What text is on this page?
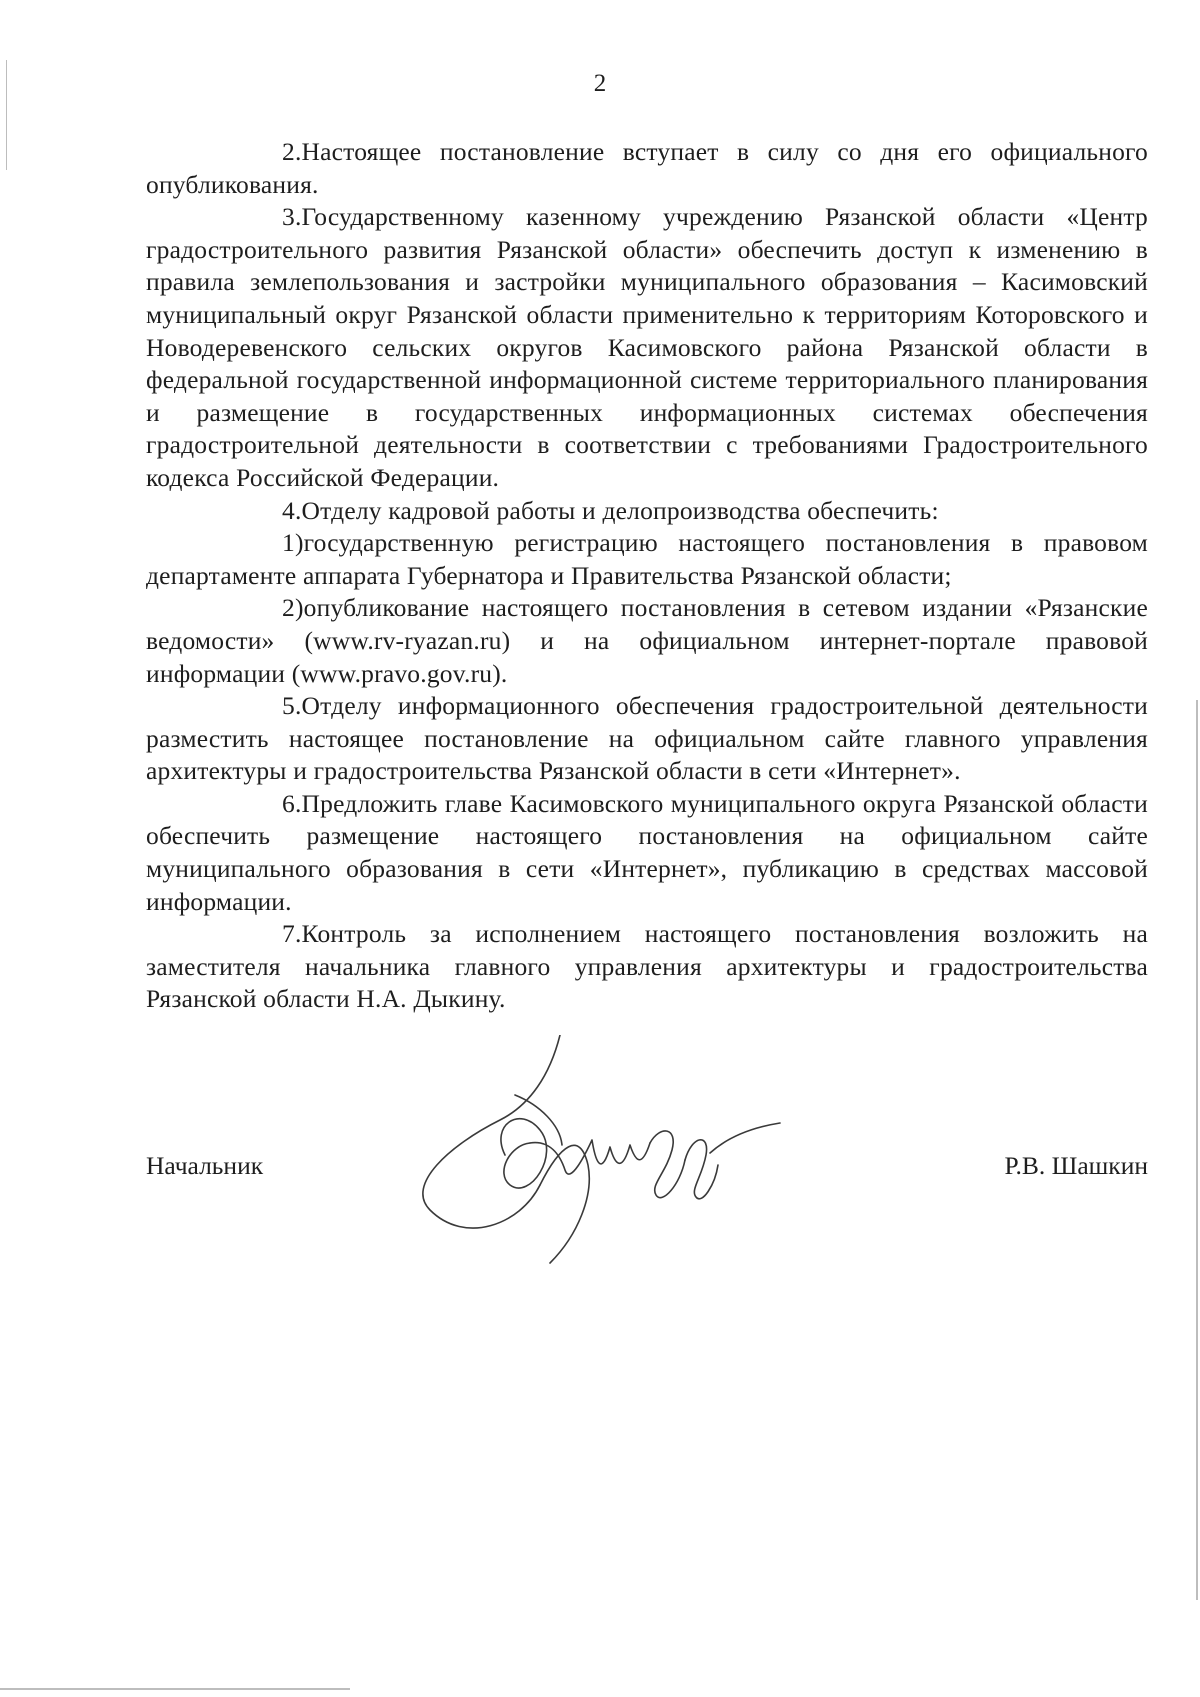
2

2.Настоящее постановление вступает в силу со дня его официального опубликования.

3.Государственному казенному учреждению Рязанской области «Центр градостроительного развития Рязанской области» обеспечить доступ к изменению в правила землепользования и застройки муниципального образования – Касимовский муниципальный округ Рязанской области применительно к территориям Которовского и Новодеревенского сельских округов Касимовского района Рязанской области в федеральной государственной информационной системе территориального планирования и размещение в государственных информационных системах обеспечения градостроительной деятельности в соответствии с требованиями Градостроительного кодекса Российской Федерации.

4.Отделу кадровой работы и делопроизводства обеспечить:

1)государственную регистрацию настоящего постановления в правовом департаменте аппарата Губернатора и Правительства Рязанской области;

2)опубликование настоящего постановления в сетевом издании «Рязанские ведомости» (www.rv-ryazan.ru) и на официальном интернет-портале правовой информации (www.pravo.gov.ru).

5.Отделу информационного обеспечения градостроительной деятельности разместить настоящее постановление на официальном сайте главного управления архитектуры и градостроительства Рязанской области в сети «Интернет».

6.Предложить главе Касимовского муниципального округа Рязанской области обеспечить размещение настоящего постановления на официальном сайте муниципального образования в сети «Интернет», публикацию в средствах массовой информации.

7.Контроль за исполнением настоящего постановления возложить на заместителя начальника главного управления архитектуры и градостроительства Рязанской области Н.А. Дыкину.

Начальник	Р.В. Шашкин
